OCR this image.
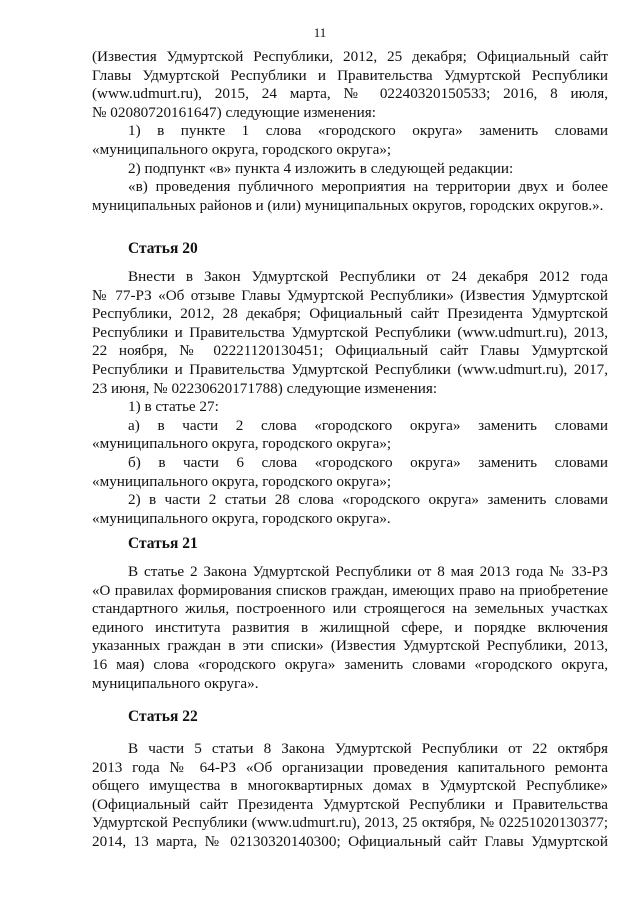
11
(Известия Удмуртской Республики, 2012, 25 декабря; Официальный сайт
Главы Удмуртской Республики и Правительства Удмуртской Республики
(www.udmurt.ru), 2015, 24 марта, № 02240320150533; 2016, 8 июля,
№ 02080720161647) следующие изменения:
1) в пункте 1 слова «городского округа» заменить словами
«муниципального округа, городского округа»;
2) подпункт «в» пункта 4 изложить в следующей редакции:
«в) проведения публичного мероприятия на территории двух и более
муниципальных районов и (или) муниципальных округов, городских округов.».
Статья 20
Внести в Закон Удмуртской Республики от 24 декабря 2012 года
№ 77-РЗ «Об отзыве Главы Удмуртской Республики» (Известия Удмуртской
Республики, 2012, 28 декабря; Официальный сайт Президента Удмуртской
Республики и Правительства Удмуртской Республики (www.udmurt.ru), 2013,
22 ноября, № 02221120130451; Официальный сайт Главы Удмуртской
Республики и Правительства Удмуртской Республики (www.udmurt.ru), 2017,
23 июня, № 02230620171788) следующие изменения:
1) в статье 27:
а) в части 2 слова «городского округа» заменить словами
«муниципального округа, городского округа»;
б) в части 6 слова «городского округа» заменить словами
«муниципального округа, городского округа»;
2) в части 2 статьи 28 слова «городского округа» заменить словами
«муниципального округа, городского округа».
Статья 21
В статье 2 Закона Удмуртской Республики от 8 мая 2013 года № 33-РЗ
«О правилах формирования списков граждан, имеющих право на приобретение
стандартного жилья, построенного или строящегося на земельных участках
единого института развития в жилищной сфере, и порядке включения
указанных граждан в эти списки» (Известия Удмуртской Республики, 2013,
16 мая) слова «городского округа» заменить словами «городского округа,
муниципального округа».
Статья 22
В части 5 статьи 8 Закона Удмуртской Республики от 22 октября
2013 года № 64-РЗ «Об организации проведения капитального ремонта
общего имущества в многоквартирных домах в Удмуртской Республике»
(Официальный сайт Президента Удмуртской Республики и Правительства
Удмуртской Республики (www.udmurt.ru), 2013, 25 октября, № 02251020130377;
2014, 13 марта, № 02130320140300; Официальный сайт Главы Удмуртской
